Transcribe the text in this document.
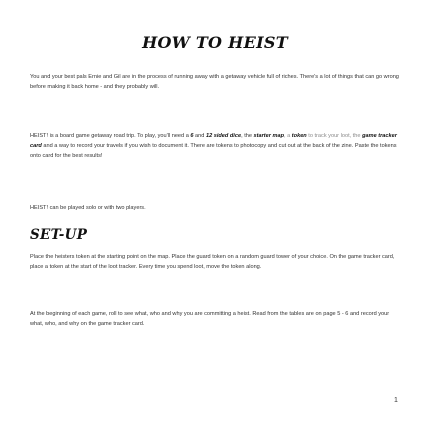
HOW TO HEIST
You and your best pals Ernie and Gil are in the process of running away with a getaway vehicle full of riches. There's a lot of things that can go wrong before making it back home - and they probably will.
HEIST! is a board game getaway road trip. To play, you'll need a 6 and 12 sided dice, the starter map, a token to track your loot, the game tracker card and a way to record your travels if you wish to document it. There are tokens to photocopy and cut out at the back of the zine. Paste the tokens onto card for the best results!
HEIST! can be played solo or with two players.
SET-UP
Place the heisters token at the starting point on the map. Place the guard token on a random guard tower of your choice. On the game tracker card, place a token at the start of the loot tracker. Every time you spend loot, move the token along.
At the beginning of each game, roll to see what, who and why you are committing a heist. Read from the tables are on page 5 - 6 and record your what, who, and why on the game tracker card.
1
